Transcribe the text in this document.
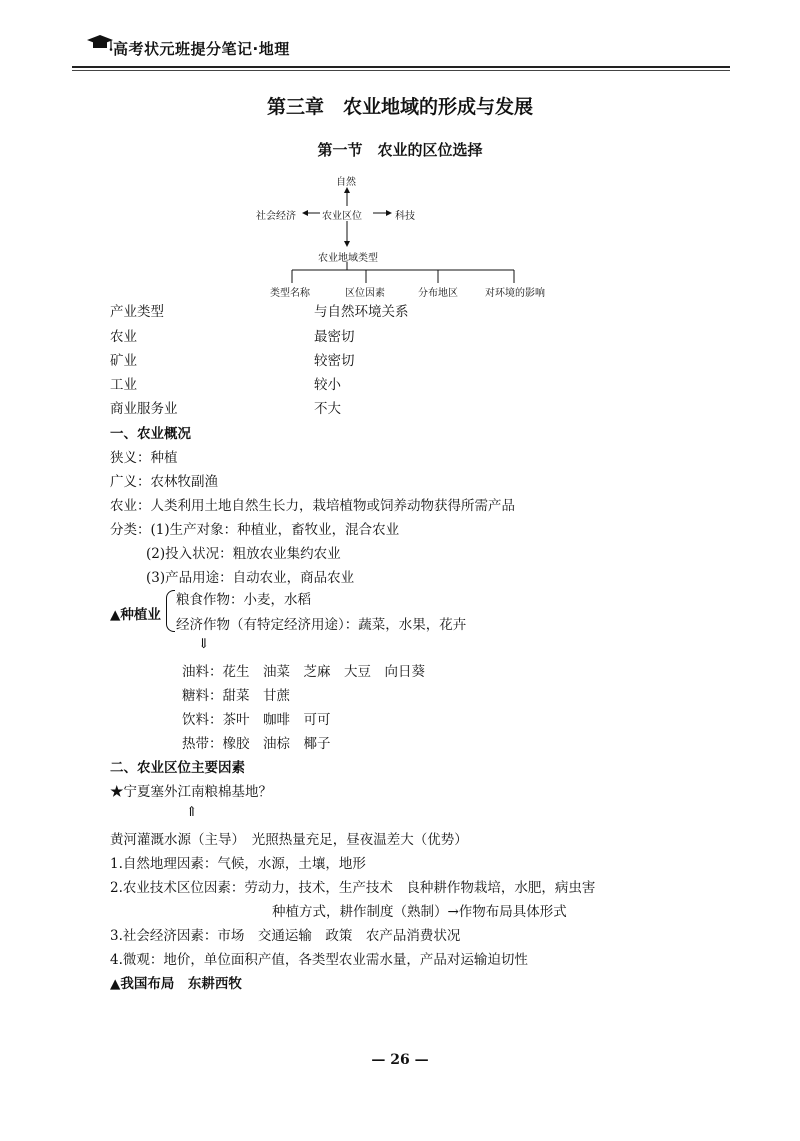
高考状元班提分笔记·地理
第三章　农业地域的形成与发展
第一节　农业的区位选择
自然
社会经济	农业区位	科技
农业地域类型
类型名称	区位因素	分布地区	对环境的影响
产业类型	与自然环境关系
农业	最密切
矿业	较密切
工业	较小
商业服务业	不大
一、农业概况
狭义：种植
广义：农林牧副渔
农业：人类利用土地自然生长力，栽培植物或饲养动物获得所需产品
分类：(1)生产对象：种植业，畜牧业，混合农业
(2)投入状况：粗放农业集约农业
(3)产品用途：自动农业，商品农业
▲种植业
粮食作物：小麦，水稻
经济作物（有特定经济用途）：蔬菜，水果，花卉
⇓
油料：花生　油菜　芝麻　大豆　向日葵
糖料：甜菜　甘蔗
饮料：茶叶　咖啡　可可
热带：橡胶　油棕　椰子
二、农业区位主要因素
★宁夏塞外江南粮棉基地？
⇑
黄河灌溉水源（主导）　光照热量充足，昼夜温差大（优势）
1.自然地理因素：气候，水源，土壤，地形
2.农业技术区位因素：劳动力，技术，生产技术　良种耕作物栽培，水肥，病虫害
种植方式，耕作制度（熟制）→作物布局具体形式
3.社会经济因素：市场　交通运输　政策　农产品消费状况
4.微观：地价，单位面积产值，各类型农业需水量，产品对运输迫切性
▲我国布局　东耕西牧
— 26 —
